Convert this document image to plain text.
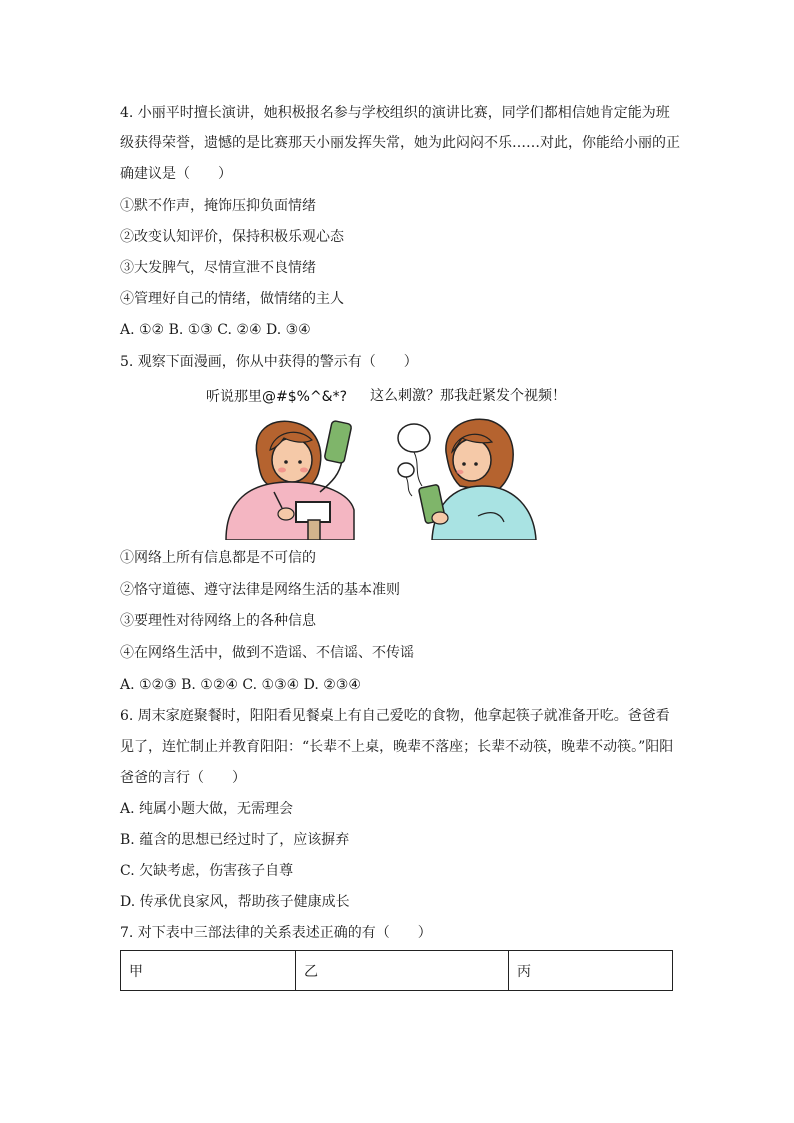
4. 小丽平时擅长演讲，她积极报名参与学校组织的演讲比赛，同学们都相信她肯定能为班
级获得荣誉，遗憾的是比赛那天小丽发挥失常，她为此闷闷不乐……对此，你能给小丽的正
确建议是（　　）
①默不作声，掩饰压抑负面情绪
②改变认知评价，保持积极乐观心态
③大发脾气，尽情宣泄不良情绪
④管理好自己的情绪，做情绪的主人
A. ①② B. ①③ C. ②④ D. ③④
5. 观察下面漫画，你从中获得的警示有（　　）
听说那里@#$%^&*? 这么刺激？那我赶紧发个视频！
①网络上所有信息都是不可信的
②恪守道德、遵守法律是网络生活的基本准则
③要理性对待网络上的各种信息
④在网络生活中，做到不造谣、不信谣、不传谣
A. ①②③ B. ①②④ C. ①③④ D. ②③④
6. 周末家庭聚餐时，阳阳看见餐桌上有自己爱吃的食物，他拿起筷子就准备开吃。爸爸看
见了，连忙制止并教育阳阳：“长辈不上桌，晚辈不落座；长辈不动筷，晚辈不动筷。”阳阳
爸爸的言行（　　）
A. 纯属小题大做，无需理会
B. 蕴含的思想已经过时了，应该摒弃
C. 欠缺考虑，伤害孩子自尊
D. 传承优良家风，帮助孩子健康成长
7. 对下表中三部法律的关系表述正确的有（　　）
甲	乙	丙
